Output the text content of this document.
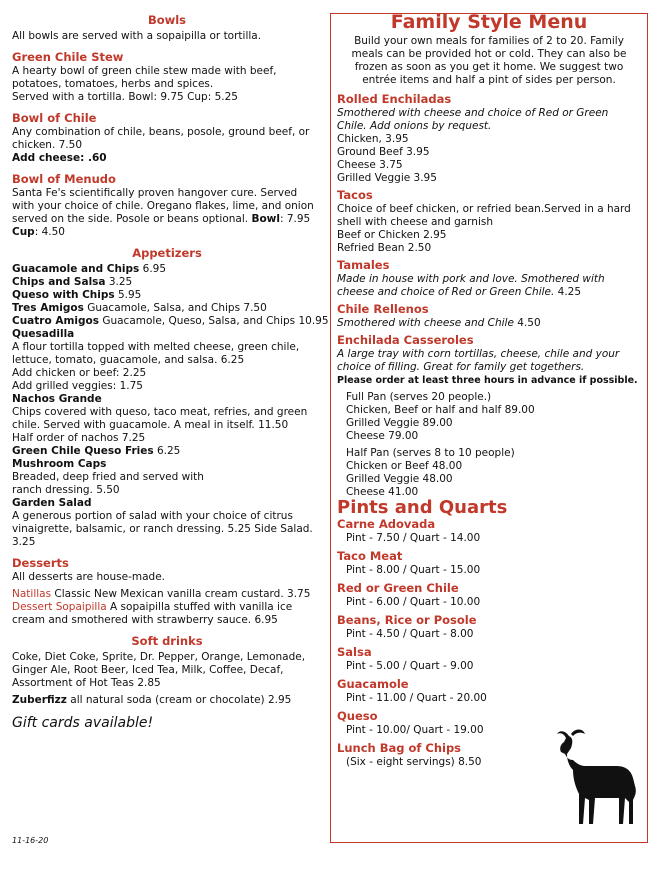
Bowls

All bowls are served with a sopaipilla or tortilla.

Green Chile Stew

A hearty bowl of green chile stew made with beef, potatoes, tomatoes, herbs and spices.

Served with a tortilla. Bowl: 9.75 Cup: 5.25

Bowl of Chile

Any combination of chile, beans, posole, ground beef, or chicken. 7.50

Add cheese: .60

Bowl of Menudo

Santa Fe's scientifically proven hangover cure. Served with your choice of chile. Oregano flakes, lime, and onion served on the side. Posole or beans optional. Bowl: 7.95 Cup: 4.50

Appetizers

Guacamole and Chips 6.95

Chips and Salsa 3.25

Queso with Chips 5.95

Tres Amigos Guacamole, Salsa, and Chips 7.50

Cuatro Amigos Guacamole, Queso, Salsa, and Chips 10.95

Quesadilla

A flour tortilla topped with melted cheese, green chile, lettuce, tomato, guacamole, and salsa. 6.25

Add chicken or beef: 2.25

Add grilled veggies: 1.75

Nachos Grande

Chips covered with queso, taco meat, refries, and green chile. Served with guacamole. A meal in itself. 11.50

Half order of nachos 7.25

Green Chile Queso Fries 6.25

Mushroom Caps

Breaded, deep fried and served with

ranch dressing. 5.50

Garden Salad

A generous portion of salad with your choice of citrus vinaigrette, balsamic, or ranch dressing. 5.25 Side Salad. 3.25

Desserts

All desserts are house-made.

Natillas Classic New Mexican vanilla cream custard. 3.75

Dessert Sopaipilla A sopaipilla stuffed with vanilla ice cream and smothered with strawberry sauce. 6.95

Soft drinks

Coke, Diet Coke, Sprite, Dr. Pepper, Orange, Lemonade, Ginger Ale, Root Beer, Iced Tea, Milk, Coffee, Decaf, Assortment of Hot Teas 2.85

Zuberfizz all natural soda (cream or chocolate) 2.95

Gift cards available!
11-16-20
Family Style Menu

Build your own meals for families of 2 to 20. Family meals can be provided hot or cold. They can also be frozen as soon as you get it home. We suggest two entrée items and half a pint of sides per person.

Rolled Enchiladas

Smothered with cheese and choice of Red or Green Chile. Add onions by request.

Chicken, 3.95

Ground Beef 3.95

Cheese 3.75

Grilled Veggie 3.95

Tacos

Choice of beef chicken, or refried bean.Served in a hard shell with cheese and garnish

Beef or Chicken 2.95

Refried Bean 2.50

Tamales

Made in house with pork and love. Smothered with cheese and choice of Red or Green Chile. 4.25

Chile Rellenos

Smothered with cheese and Chile 4.50

Enchilada Casseroles

A large tray with corn tortillas, cheese, chile and your choice of filling. Great for family get togethers.

Please order at least three hours in advance if possible.

Full Pan (serves 20 people.)

Chicken, Beef or half and half 89.00

Grilled Veggie 89.00

Cheese 79.00

Half Pan (serves 8 to 10 people)

Chicken or Beef 48.00

Grilled Veggie 48.00

Cheese 41.00

Pints and Quarts
Carne Adovada

Pint - 7.50 / Quart - 14.00

Taco Meat

Pint - 8.00 / Quart - 15.00

Red or Green Chile

Pint - 6.00 / Quart - 10.00

Beans, Rice or Posole

Pint - 4.50 / Quart - 8.00

Salsa

Pint - 5.00 / Quart - 9.00

Guacamole

Pint - 11.00 / Quart - 20.00

Queso

Pint - 10.00/ Quart - 19.00

Lunch Bag of Chips

(Six - eight servings) 8.50
